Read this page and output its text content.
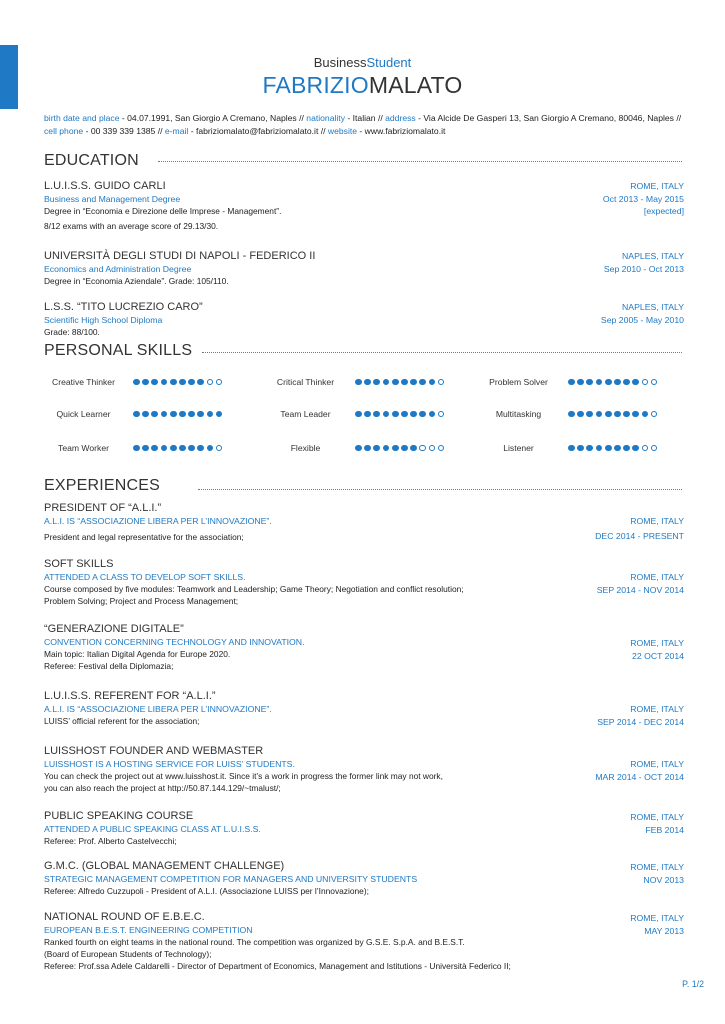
BusinessStudent
FABRIZIOMALATO
birth date and place - 04.07.1991, San Giorgio A Cremano, Naples // nationality - Italian // address - Via Alcide De Gasperi 13, San Giorgio A Cremano, 80046, Naples // cell phone - 00 339 339 1385 // e-mail - fabriziomalato@fabriziomalato.it // website - www.fabriziomalato.it
EDUCATION
L.U.I.S.S. GUIDO CARLI
Business and Management Degree
Degree in “Economia e Direzione delle Imprese - Management”.
8/12 exams with an average score of 29.13/30.
ROME, ITALY
Oct 2013 - May 2015
[expected]
UNIVERSITÀ DEGLI STUDI DI NAPOLI - FEDERICO II
Economics and Administration Degree
Degree in “Economia Aziendale”. Grade: 105/110.
NAPLES, ITALY
Sep 2010 - Oct 2013
L.S.S. “TITO LUCREZIO CARO”
Scientific High School Diploma
Grade: 88/100.
NAPLES, ITALY
Sep 2005 - May 2010
PERSONAL SKILLS
Creative Thinker	Critical Thinker	Problem Solver
Quick Learner	Team Leader	Multitasking
Team Worker	Flexible	Listener
EXPERIENCES
PRESIDENT OF “A.L.I.”
A.L.I. IS “ASSOCIAZIONE LIBERA PER L’INNOVAZIONE”.
President and legal representative for the association;
ROME, ITALY
DEC 2014 - PRESENT
SOFT SKILLS
ATTENDED A CLASS TO DEVELOP SOFT SKILLS.
Course composed by five modules: Teamwork and Leadership; Game Theory; Negotiation and conflict resolution;
Problem Solving; Project and Process Management;
ROME, ITALY
SEP 2014 - NOV 2014
“GENERAZIONE DIGITALE”
CONVENTION CONCERNING TECHNOLOGY AND INNOVATION.
Main topic: Italian Digital Agenda for Europe 2020.
Referee: Festival della Diplomazia;
ROME, ITALY
22 OCT 2014
L.U.I.S.S. REFERENT FOR “A.L.I.”
A.L.I. IS “ASSOCIAZIONE LIBERA PER L’INNOVAZIONE”.
LUISS’ official referent for the association;
ROME, ITALY
SEP 2014 - DEC 2014
LUISSHOST FOUNDER AND WEBMASTER
LUISSHOST IS A HOSTING SERVICE FOR LUISS’ STUDENTS.
You can check the project out at www.luisshost.it. Since it’s a work in progress the former link may not work,
you can also reach the project at http://50.87.144.129/~tmalust/;
ROME, ITALY
MAR 2014 - OCT 2014
PUBLIC SPEAKING COURSE
ATTENDED A PUBLIC SPEAKING CLASS AT L.U.I.S.S.
Referee: Prof. Alberto Castelvecchi;
ROME, ITALY
FEB 2014
G.M.C. (GLOBAL MANAGEMENT CHALLENGE)
STRATEGIC MANAGEMENT COMPETITION FOR MANAGERS AND UNIVERSITY STUDENTS
Referee: Alfredo Cuzzupoli - President of A.L.I. (Associazione LUISS per l’Innovazione);
ROME, ITALY
NOV 2013
NATIONAL ROUND OF E.B.E.C.
EUROPEAN B.E.S.T. ENGINEERING COMPETITION
Ranked fourth on eight teams in the national round. The competition was organized by G.S.E. S.p.A. and B.E.S.T.
(Board of European Students of Technology);
Referee: Prof.ssa Adele Caldarelli - Director of Department of Economics, Management and Istitutions - Università Federico II;
ROME, ITALY
MAY 2013
P. 1/2
